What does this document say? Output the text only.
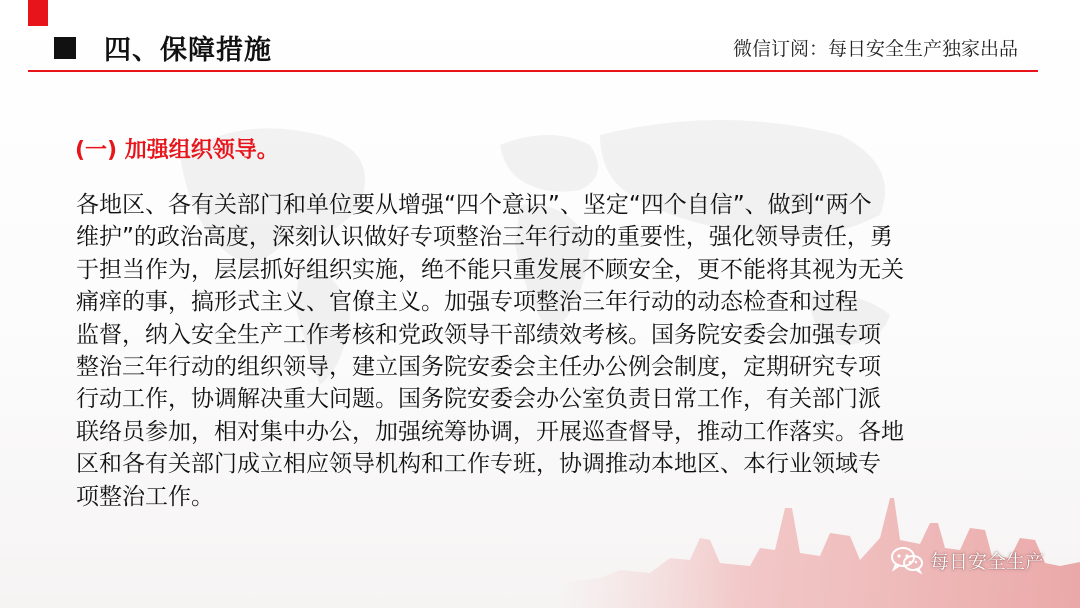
四、保障措施	微信订阅：每日安全生产独家出品
(一) 加强组织领导。
各地区、各有关部门和单位要从增强“四个意识”、坚定“四个自信”、做到“两个
维护”的政治高度，深刻认识做好专项整治三年行动的重要性，强化领导责任，勇
于担当作为，层层抓好组织实施，绝不能只重发展不顾安全，更不能将其视为无关
痛痒的事，搞形式主义、官僚主义。加强专项整治三年行动的动态检查和过程
监督，纳入安全生产工作考核和党政领导干部绩效考核。国务院安委会加强专项
整治三年行动的组织领导，建立国务院安委会主任办公例会制度，定期研究专项
行动工作，协调解决重大问题。国务院安委会办公室负责日常工作，有关部门派
联络员参加，相对集中办公，加强统筹协调，开展巡查督导，推动工作落实。各地
区和各有关部门成立相应领导机构和工作专班，协调推动本地区、本行业领域专
项整治工作。
每日安全生产
